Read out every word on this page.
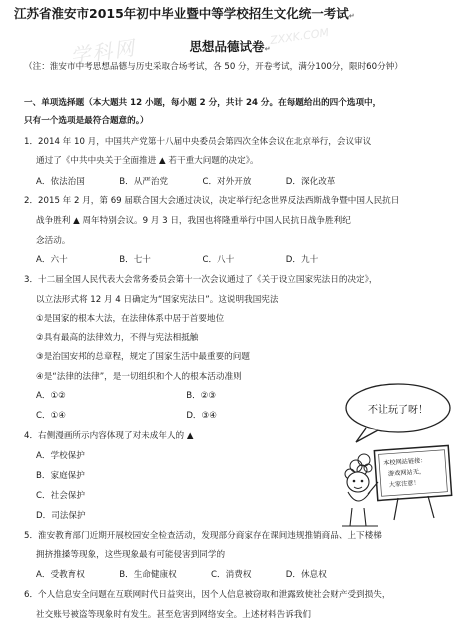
学科网	ZXXK.COM
江苏省淮安市2015年初中毕业暨中等学校招生文化统一考试↵
思想品德试卷↵
（注：淮安市中考思想品德与历史采取合场考试，各 50 分，开卷考试，满分100分，限时60分钟）
一、单项选择题（本大题共 12 小题，每小题 2 分，共计 24 分。在每题给出的四个选项中，
只有一个选项是最符合题意的。）
1．2014 年 10 月，中国共产党第十八届中央委员会第四次全体会议在北京举行，会议审议
通过了《中共中央关于全面推进 ▲ 若干重大问题的决定》。
A．依法治国　　　　B．从严治党　　　　C．对外开放　　　　D．深化改革
2．2015 年 2 月，第 69 届联合国大会通过决议，决定举行纪念世界反法西斯战争暨中国人民抗日
战争胜利 ▲ 周年特别会议。9 月 3 日，我国也将隆重举行中国人民抗日战争胜利纪
念活动。
A．六十　　　　　　B．七十　　　　　　C．八十　　　　　　D．九十
3．十二届全国人民代表大会常务委员会第十一次会议通过了《关于设立国家宪法日的决定》，
以立法形式将 12 月 4 日确定为“国家宪法日”。这说明我国宪法
①是国家的根本大法，在法律体系中居于首要地位
②具有最高的法律效力，不得与宪法相抵触
③是治国安邦的总章程，规定了国家生活中最重要的问题
④是“法律的法律”，是一切组织和个人的根本活动准则
A．①②　　　　　　　　　　　　　　B．②③
C．①④　　　　　　　　　　　　　　D．③④
4．右侧漫画所示内容体现了对未成年人的 ▲
A．学校保护
B．家庭保护
C．社会保护
D．司法保护
5．淮安教育部门近期开展校园安全检查活动，发现部分商家存在课间违规推销商品、上下楼梯
拥挤推搡等现象，这些现象最有可能侵害到同学的
A．受教育权　　　　B．生命健康权　　　　C．消费权　　　　D．休息权
6．个人信息安全问题在互联网时代日益突出，因个人信息被窃取和泄露致使社会财产受到损失，
社交账号被盗等现象时有发生。甚至危害到网络安全。上述材料告诉我们
不让玩了呀！
本校网站链接：
游戏网站无，
大家注意！
